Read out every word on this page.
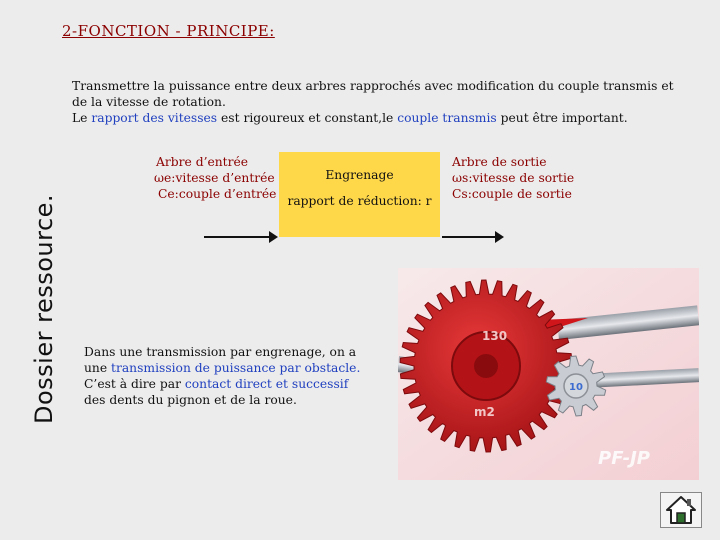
Dossier ressource.
2-FONCTION - PRINCIPE:
Transmettre la puissance entre deux arbres rapprochés avec modification du couple transmis et de la vitesse de rotation.
Le rapport des vitesses est rigoureux et constant,le couple transmis peut être important.
Arbre d’entrée
ωe:vitesse d’entrée
Ce:couple d’entrée
Engrenage
rapport de réduction: r
Arbre de sortie
ωs:vitesse de sortie
Cs:couple de sortie
130
m2
10
PF-JP
Dans une transmission par engrenage, on a une transmission de puissance par obstacle. C’est à dire par contact direct et successif des dents du pignon et de la roue.
